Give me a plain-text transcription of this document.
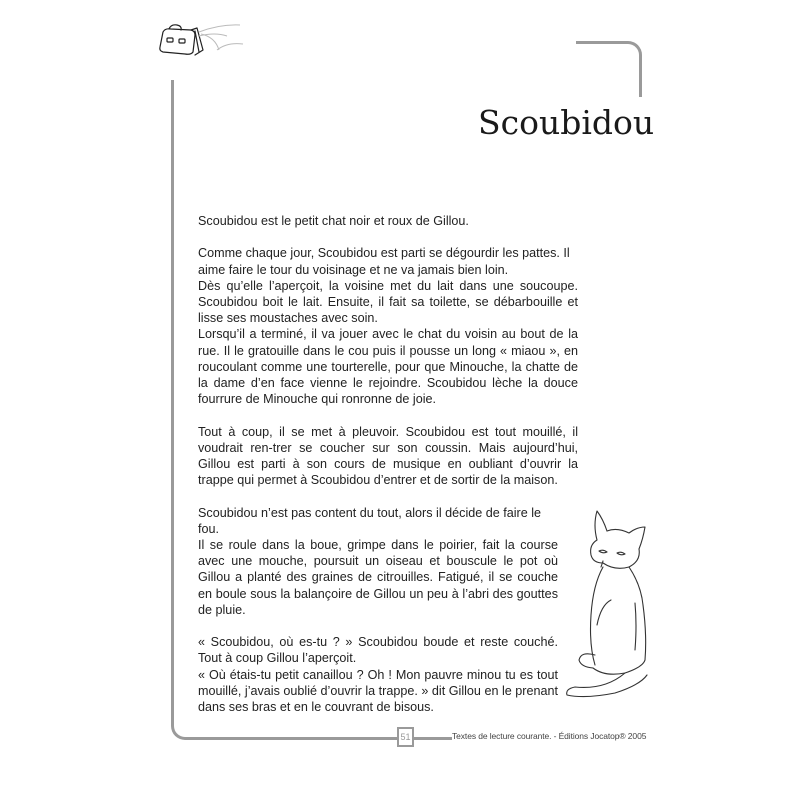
51	Textes de lecture courante. - Éditions Jocatop® 2005
Scoubidou

Scoubidou est le petit chat noir et roux de Gillou.

Comme chaque jour, Scoubidou est parti se dégourdir les pattes. Il aime faire le tour du voisinage et ne va jamais bien loin.

Dès qu’elle l’aperçoit, la voisine met du lait dans une soucoupe. Scoubidou boit le lait. Ensuite, il fait sa toilette, se débarbouille et lisse ses moustaches avec soin.

Lorsqu’il a terminé, il va jouer avec le chat du voisin au bout de la rue. Il le gratouille dans le cou puis il pousse un long « miaou », en roucoulant comme une tourterelle, pour que Minouche, la chatte de la dame d’en face vienne le rejoindre. Scoubidou lèche la douce fourrure de Minouche qui ronronne de joie.

Tout à coup, il se met à pleuvoir. Scoubidou est tout mouillé, il voudrait ren-trer se coucher sur son coussin. Mais aujourd’hui, Gillou est parti à son cours de musique en oubliant d’ouvrir la trappe qui permet à Scoubidou d’entrer et de sortir de la maison.

Scoubidou n’est pas content du tout, alors il décide de faire le fou.

Il se roule dans la boue, grimpe dans le poirier, fait la course avec une mouche, poursuit un oiseau et bouscule le pot où Gillou a planté des graines de citrouilles. Fatigué, il se couche en boule sous la balançoire de Gillou un peu à l’abri des gouttes de pluie.

« Scoubidou, où es-tu ? » Scoubidou boude et reste couché. Tout à coup Gillou l’aperçoit.

« Où étais-tu petit canaillou ? Oh ! Mon pauvre minou tu es tout mouillé, j’avais oublié d’ouvrir la trappe. » dit Gillou en le prenant dans ses bras et en le couvrant de bisous.
